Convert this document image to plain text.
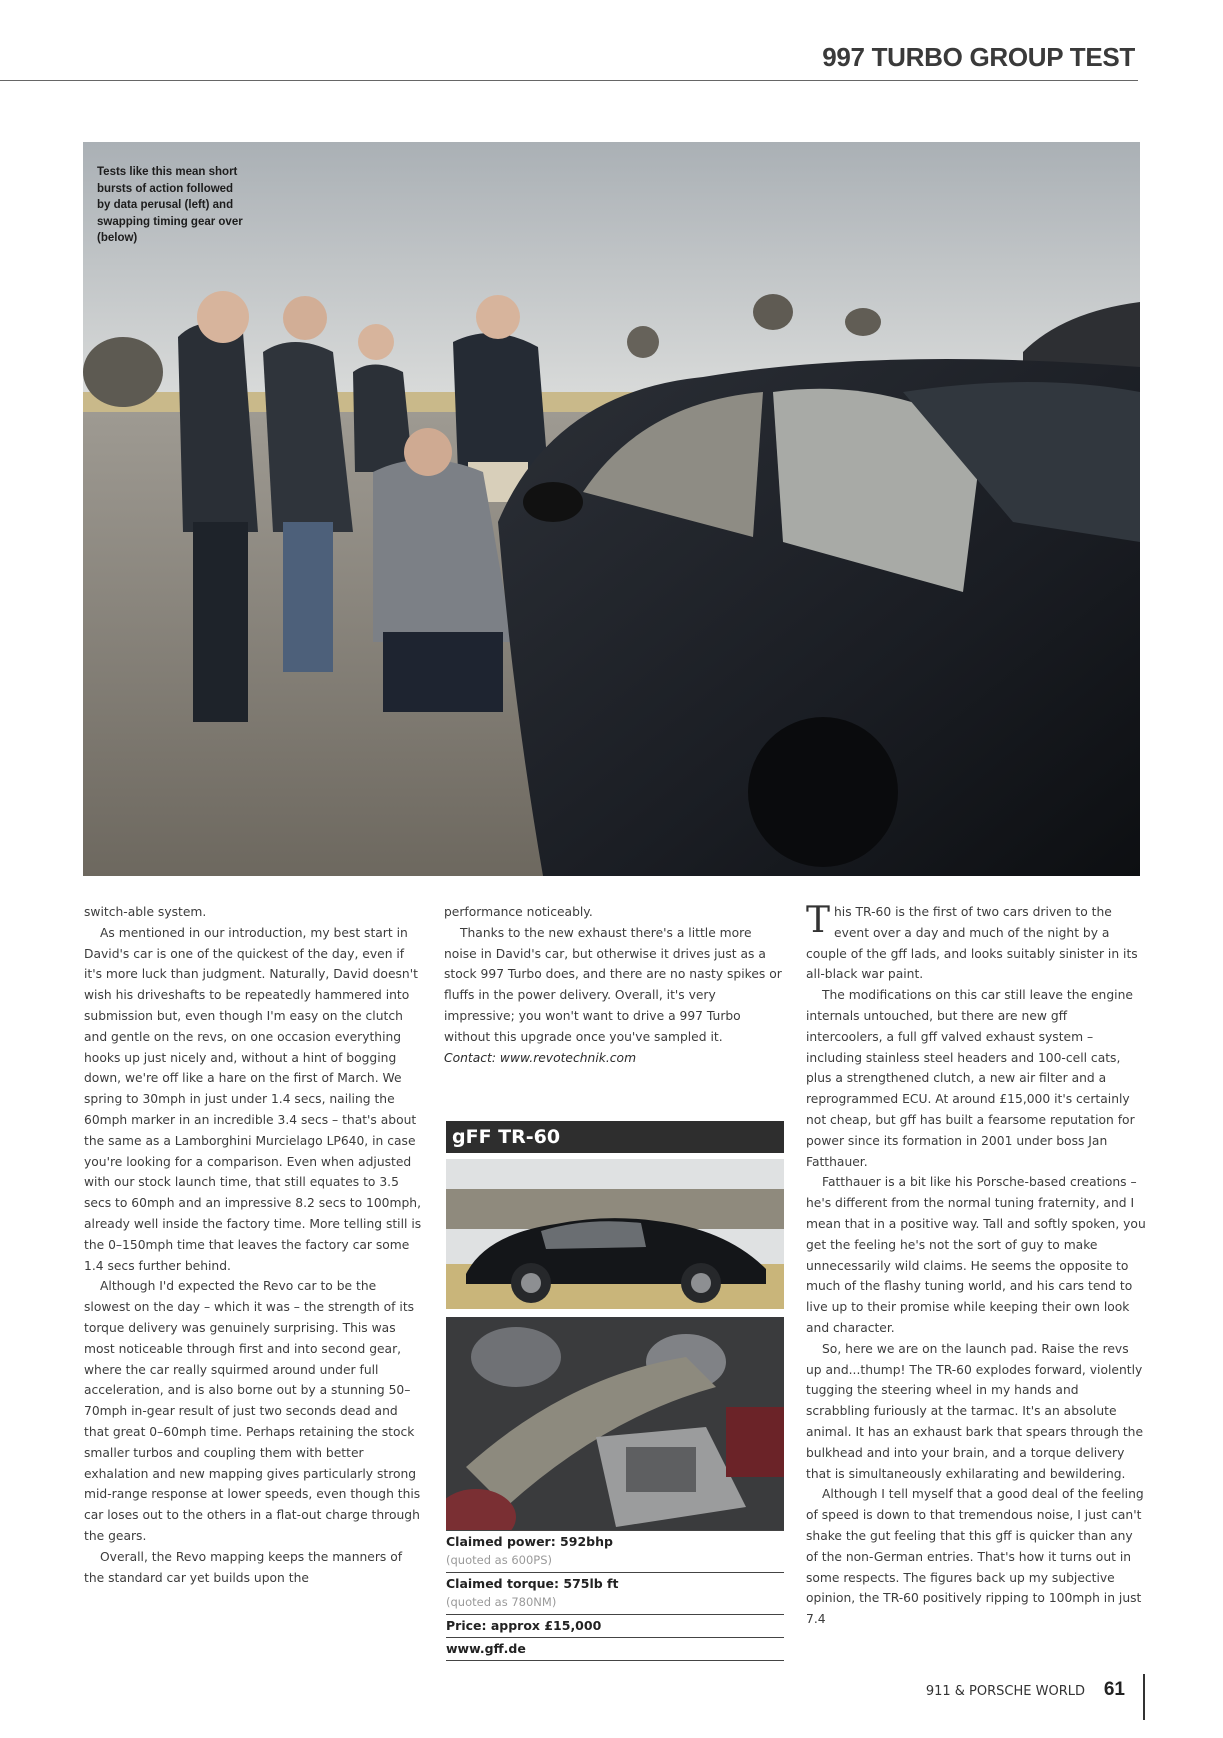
997 TURBO GROUP TEST
Tests like this mean short bursts of action followed by data perusal (left) and swapping timing gear over (below)

switch-able system.

As mentioned in our introduction, my best start in David's car is one of the quickest of the day, even if it's more luck than judgment. Naturally, David doesn't wish his driveshafts to be repeatedly hammered into submission but, even though I'm easy on the clutch and gentle on the revs, on one occasion everything hooks up just nicely and, without a hint of bogging down, we're off like a hare on the first of March. We spring to 30mph in just under 1.4 secs, nailing the 60mph marker in an incredible 3.4 secs – that's about the same as a Lamborghini Murcielago LP640, in case you're looking for a comparison. Even when adjusted with our stock launch time, that still equates to 3.5 secs to 60mph and an impressive 8.2 secs to 100mph, already well inside the factory time. More telling still is the 0–150mph time that leaves the factory car some 1.4 secs further behind.

Although I'd expected the Revo car to be the slowest on the day – which it was – the strength of its torque delivery was genuinely surprising. This was most noticeable through first and into second gear, where the car really squirmed around under full acceleration, and is also borne out by a stunning 50–70mph in-gear result of just two seconds dead and that great 0–60mph time. Perhaps retaining the stock smaller turbos and coupling them with better exhalation and new mapping gives particularly strong mid-range response at lower speeds, even though this car loses out to the others in a flat-out charge through the gears.

Overall, the Revo mapping keeps the manners of the standard car yet builds upon the

performance noticeably.

Thanks to the new exhaust there's a little more noise in David's car, but otherwise it drives just as a stock 997 Turbo does, and there are no nasty spikes or fluffs in the power delivery. Overall, it's very impressive; you won't want to drive a 997 Turbo without this upgrade once you've sampled it.

Contact: www.revotechnik.com

gFF TR-60
Claimed power: 592bhp
(quoted as 600PS)
Claimed torque: 575lb ft
(quoted as 780NM)
Price: approx £15,000
www.gff.de

This TR-60 is the first of two cars driven to the event over a day and much of the night by a couple of the gff lads, and looks suitably sinister in its all-black war paint.

The modifications on this car still leave the engine internals untouched, but there are new gff intercoolers, a full gff valved exhaust system – including stainless steel headers and 100-cell cats, plus a strengthened clutch, a new air filter and a reprogrammed ECU. At around £15,000 it's certainly not cheap, but gff has built a fearsome reputation for power since its formation in 2001 under boss Jan Fatthauer.

Fatthauer is a bit like his Porsche-based creations – he's different from the normal tuning fraternity, and I mean that in a positive way. Tall and softly spoken, you get the feeling he's not the sort of guy to make unnecessarily wild claims. He seems the opposite to much of the flashy tuning world, and his cars tend to live up to their promise while keeping their own look and character.

So, here we are on the launch pad. Raise the revs up and...thump! The TR-60 explodes forward, violently tugging the steering wheel in my hands and scrabbling furiously at the tarmac. It's an absolute animal. It has an exhaust bark that spears through the bulkhead and into your brain, and a torque delivery that is simultaneously exhilarating and bewildering.

Although I tell myself that a good deal of the feeling of speed is down to that tremendous noise, I just can't shake the gut feeling that this gff is quicker than any of the non-German entries. That's how it turns out in some respects. The figures back up my subjective opinion, the TR-60 positively ripping to 100mph in just 7.4

911 & PORSCHE WORLD 61
